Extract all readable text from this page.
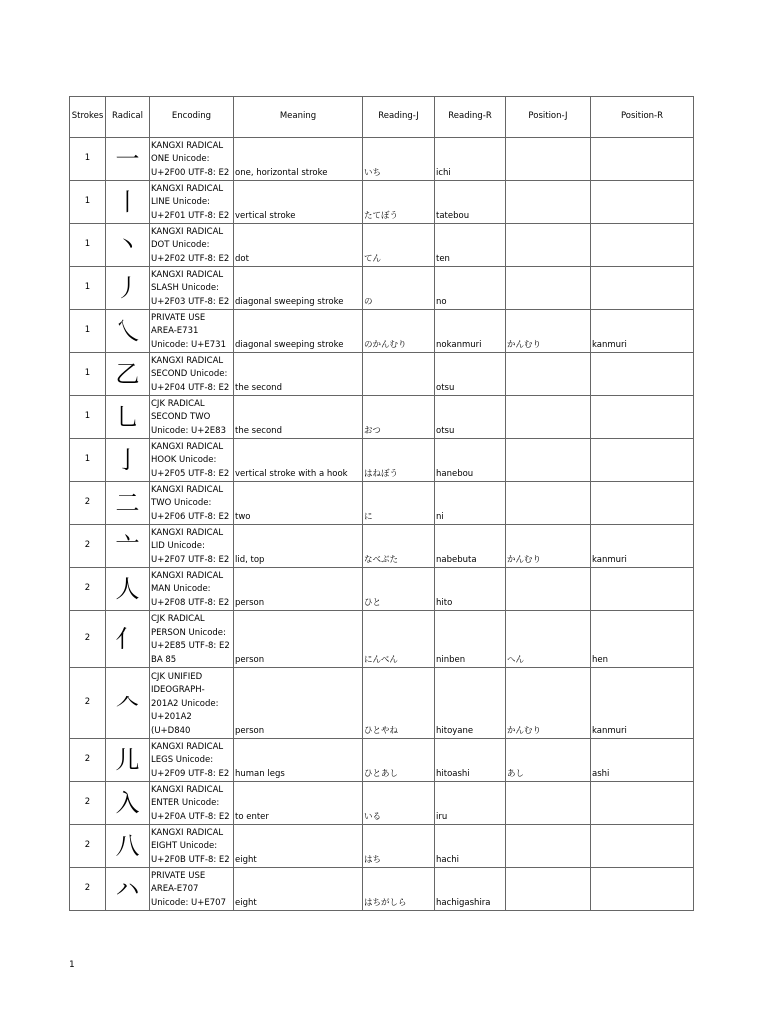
Strokes	Radical	Encoding	Meaning	Reading-J	Reading-R	Position-J	Position-R
1	一	KANGXI RADICAL
ONE Unicode:
U+2F00 UTF-8: E2	one, horizontal stroke	いち	ichi		
1	丨	KANGXI RADICAL
LINE Unicode:
U+2F01 UTF-8: E2	vertical stroke	たてぼう	tatebou		
1	丶	KANGXI RADICAL
DOT Unicode:
U+2F02 UTF-8: E2	dot	てん	ten		
1	丿	KANGXI RADICAL
SLASH Unicode:
U+2F03 UTF-8: E2	diagonal sweeping stroke	の	no		
1	乀	PRIVATE USE
AREA-E731
Unicode: U+E731	diagonal sweeping stroke	のかんむり	nokanmuri	かんむり	kanmuri
1	乙	KANGXI RADICAL
SECOND Unicode:
U+2F04 UTF-8: E2	the second		otsu		
1	乚	CJK RADICAL
SECOND TWO
Unicode: U+2E83	the second	おつ	otsu		
1	亅	KANGXI RADICAL
HOOK Unicode:
U+2F05 UTF-8: E2	vertical stroke with a hook	はねぼう	hanebou		
2	二	KANGXI RADICAL
TWO Unicode:
U+2F06 UTF-8: E2	two	に	ni		
2	亠	KANGXI RADICAL
LID Unicode:
U+2F07 UTF-8: E2	lid, top	なべぶた	nabebuta	かんむり	kanmuri
2	人	KANGXI RADICAL
MAN Unicode:
U+2F08 UTF-8: E2	person	ひと	hito		
2	亻	CJK RADICAL
PERSON Unicode:
U+2E85 UTF-8: E2
BA 85	person	にんべん	ninben	へん	hen
2	𠆢	CJK UNIFIED
IDEOGRAPH-
201A2 Unicode:
U+201A2
(U+D840	person	ひとやね	hitoyane	かんむり	kanmuri
2	儿	KANGXI RADICAL
LEGS Unicode:
U+2F09 UTF-8: E2	human legs	ひとあし	hitoashi	あし	ashi
2	入	KANGXI RADICAL
ENTER Unicode:
U+2F0A UTF-8: E2	to enter	いる	iru		
2	八	KANGXI RADICAL
EIGHT Unicode:
U+2F0B UTF-8: E2	eight	はち	hachi		
2	ハ	PRIVATE USE
AREA-E707
Unicode: U+E707	eight	はちがしら	hachigashira		
1
